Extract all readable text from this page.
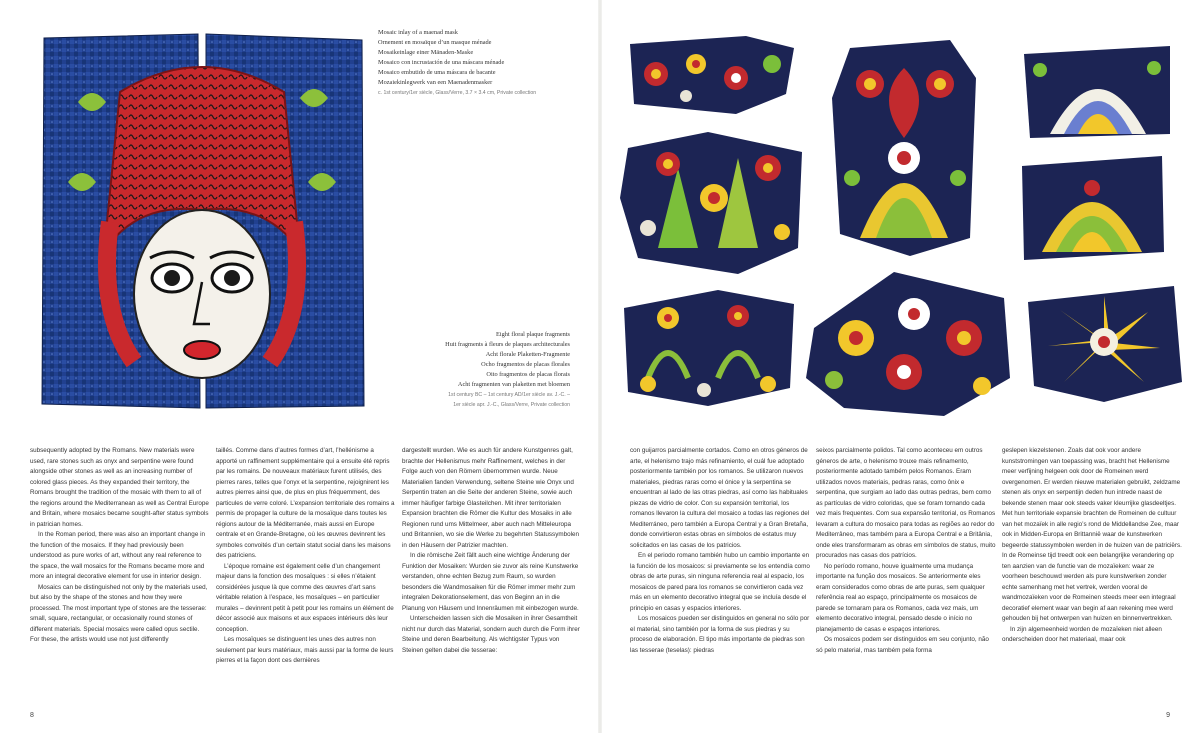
Mosaic inlay of a maenad mask
Ornement en mosaïque d’un masque ménade
Mosaikeinlage einer Mänaden-Maske
Mosaico con incrustación de una máscara ménade
Mosaico embutido de uma máscara de bacante
Mozaiekinlegwerk van een Maenadenmasker
c. 1st century/1er siècle, Glass/Verre, 3.7 × 3.4 cm, Private collection
Eight floral plaque fragments
Huit fragments à fleurs de plaques architecturales
Acht florale Plaketten-Fragmente
Ocho fragmentos de placas florales
Oito fragmentos de placas florais
Acht fragmenten van plaketten met bloemen
1st century BC – 1st century AD/1er siècle av. J.-C. –
1er siècle apr. J.-C., Glass/Verre, Private collection

subsequently adopted by the Romans. New materials were used, rare stones such as onyx and serpentine were found alongside other stones as well as an increasing number of colored glass pieces. As they expanded their territory, the Romans brought the tradition of the mosaic with them to all of the regions around the Mediterranean as well as Central Europe and Britain, where mosaics became sought-after status symbols in patrician homes.

In the Roman period, there was also an important change in the function of the mosaics. If they had previously been understood as pure works of art, without any real reference to the space, the wall mosaics for the Romans became more and more an integral decorative element for use in interior design.

Mosaics can be distinguished not only by the materials used, but also by the shape of the stones and how they were processed. The most important type of stones are the tesserae: small, square, rectangular, or occasionally round stones of different materials. Special mosaics were called opus sectile. For these, the artists would use not just differently

taillés. Comme dans d’autres formes d’art, l’hellénisme a apporté un raffinement supplémentaire qui a ensuite été repris par les romains. De nouveaux matériaux furent utilisés, des pierres rares, telles que l’onyx et la serpentine, rejoignirent les autres pierres ainsi que, de plus en plus fréquemment, des particules de verre coloré. L’expansion territoriale des romains a permis de propager la culture de la mosaïque dans toutes les régions autour de la Méditerranée, mais aussi en Europe centrale et en Grande-Bretagne, où les œuvres devinrent les symboles convoités d’un certain statut social dans les maisons des patriciens.

L’époque romaine est également celle d’un changement majeur dans la fonction des mosaïques : si elles n’étaient considérées jusque là que comme des œuvres d’art sans véritable relation à l’espace, les mosaïques – en particulier murales – devinrent petit à petit pour les romains un élément de décor associé aux maisons et aux espaces intérieurs dès leur conception.

Les mosaïques se distinguent les unes des autres non seulement par leurs matériaux, mais aussi par la forme de leurs pierres et la façon dont ces dernières

dargestellt wurden. Wie es auch für andere Kunstgenres galt, brachte der Hellenismus mehr Raffinement, welches in der Folge auch von den Römern übernommen wurde. Neue Materialien fanden Verwendung, seltene Steine wie Onyx und Serpentin traten an die Seite der anderen Steine, sowie auch immer häufiger farbige Glasteilchen. Mit ihrer territorialen Expansion brachten die Römer die Kultur des Mosaiks in alle Regionen rund ums Mittelmeer, aber auch nach Mitteleuropa und Britannien, wo sie die Werke zu begehrten Statussymbolen in den Häusern der Patrizier machten.

In die römische Zeit fällt auch eine wichtige Änderung der Funktion der Mosaiken: Wurden sie zuvor als reine Kunstwerke verstanden, ohne echten Bezug zum Raum, so wurden besonders die Wandmosaiken für die Römer immer mehr zum integralen Dekorationselement, das von Beginn an in die Planung von Häusern und Innenräumen mit einbezogen wurde.

Unterscheiden lassen sich die Mosaiken in ihrer Gesamtheit nicht nur durch das Material, sondern auch durch die Form ihrer Steine und deren Bearbeitung. Als wichtigster Typus von Steinen gelten dabei die tesserae:

con guijarros parcialmente cortados. Como en otros géneros de arte, el helenismo trajo más refinamiento, el cuál fue adoptado posteriormente también por los romanos. Se utilizaron nuevos materiales, piedras raras como el ónice y la serpentina se encuentran al lado de las otras piedras, así como las habituales piezas de vidrio de color. Con su expansión territorial, los romanos llevaron la cultura del mosaico a todas las regiones del Mediterráneo, pero también a Europa Central y a Gran Bretaña, donde convirtieron estas obras en símbolos de estatus muy solicitados en las casas de los patricios.

En el periodo romano también hubo un cambio importante en la función de los mosaicos: si previamente se los entendía como obras de arte puras, sin ninguna referencia real al espacio, los mosaicos de pared para los romanos se convirtieron cada vez más en un elemento decorativo integral que se incluía desde el principio en casas y espacios interiores.

Los mosaicos pueden ser distinguidos en general no sólo por el material, sino también por la forma de sus piedras y su proceso de elaboración. El tipo más importante de piedras son las tesserae (teselas): piedras

seixos parcialmente polidos. Tal como aconteceu em outros géneros de arte, o helenismo trouxe mais refinamento, posteriormente adotado também pelos Romanos. Eram utilizados novos materiais, pedras raras, como ônix e serpentina, que surgiam ao lado das outras pedras, bem como as partículas de vidro coloridas, que se foram tornando cada vez mais frequentes. Com sua expansão territorial, os Romanos levaram a cultura do mosaico para todas as regiões ao redor do Mediterrâneo, mas também para a Europa Central e a Britânia, onde eles transformaram as obras em símbolos de status, muito procurados nas casas dos patrícios.

No período romano, houve igualmente uma mudança importante na função dos mosaicos. Se anteriormente eles eram considerados como obras de arte puras, sem qualquer referência real ao espaço, principalmente os mosaicos de parede se tornaram para os Romanos, cada vez mais, um elemento decorativo integral, pensado desde o início no planejamento de casas e espaços interiores.

Os mosaicos podem ser distinguidos em seu conjunto, não só pelo material, mas também pela forma

geslepen kiezelstenen. Zoals dat ook voor andere kunststromingen van toepassing was, bracht het Hellenisme meer verfijning helgeen ook door de Romeinen werd overgenomen. Er werden nieuwe materialen gebruikt, zeldzame stenen als onyx en serpentijn deden hun intrede naast de bekende stenen maar ook steeds vaker kleurrijke glasdeeltjes. Met hun territoriale expansie brachten de Romeinen de cultuur van het mozaïek in alle regio’s rond de Middellandse Zee, maar ook in Midden-Europa en Brittannië waar de kunstwerken begeerde statussymbolen werden in de huizen van de patriciërs. In de Romeinse tijd treedt ook een belangrijke verandering op ten aanzien van de functie van de mozaïeken: waar ze voorheen beschouwd werden als pure kunstwerken zonder echte samenhang met het vertrek, werden vooral de wandmozaïeken voor de Romeinen steeds meer een integraal decoratief element waar van begin af aan rekening mee werd gehouden bij het ontwerpen van huizen en binnenvertrekken.

In zijn algemeenheid worden de mozaïeken niet alleen onderscheiden door het materiaal, maar ook

8	9
